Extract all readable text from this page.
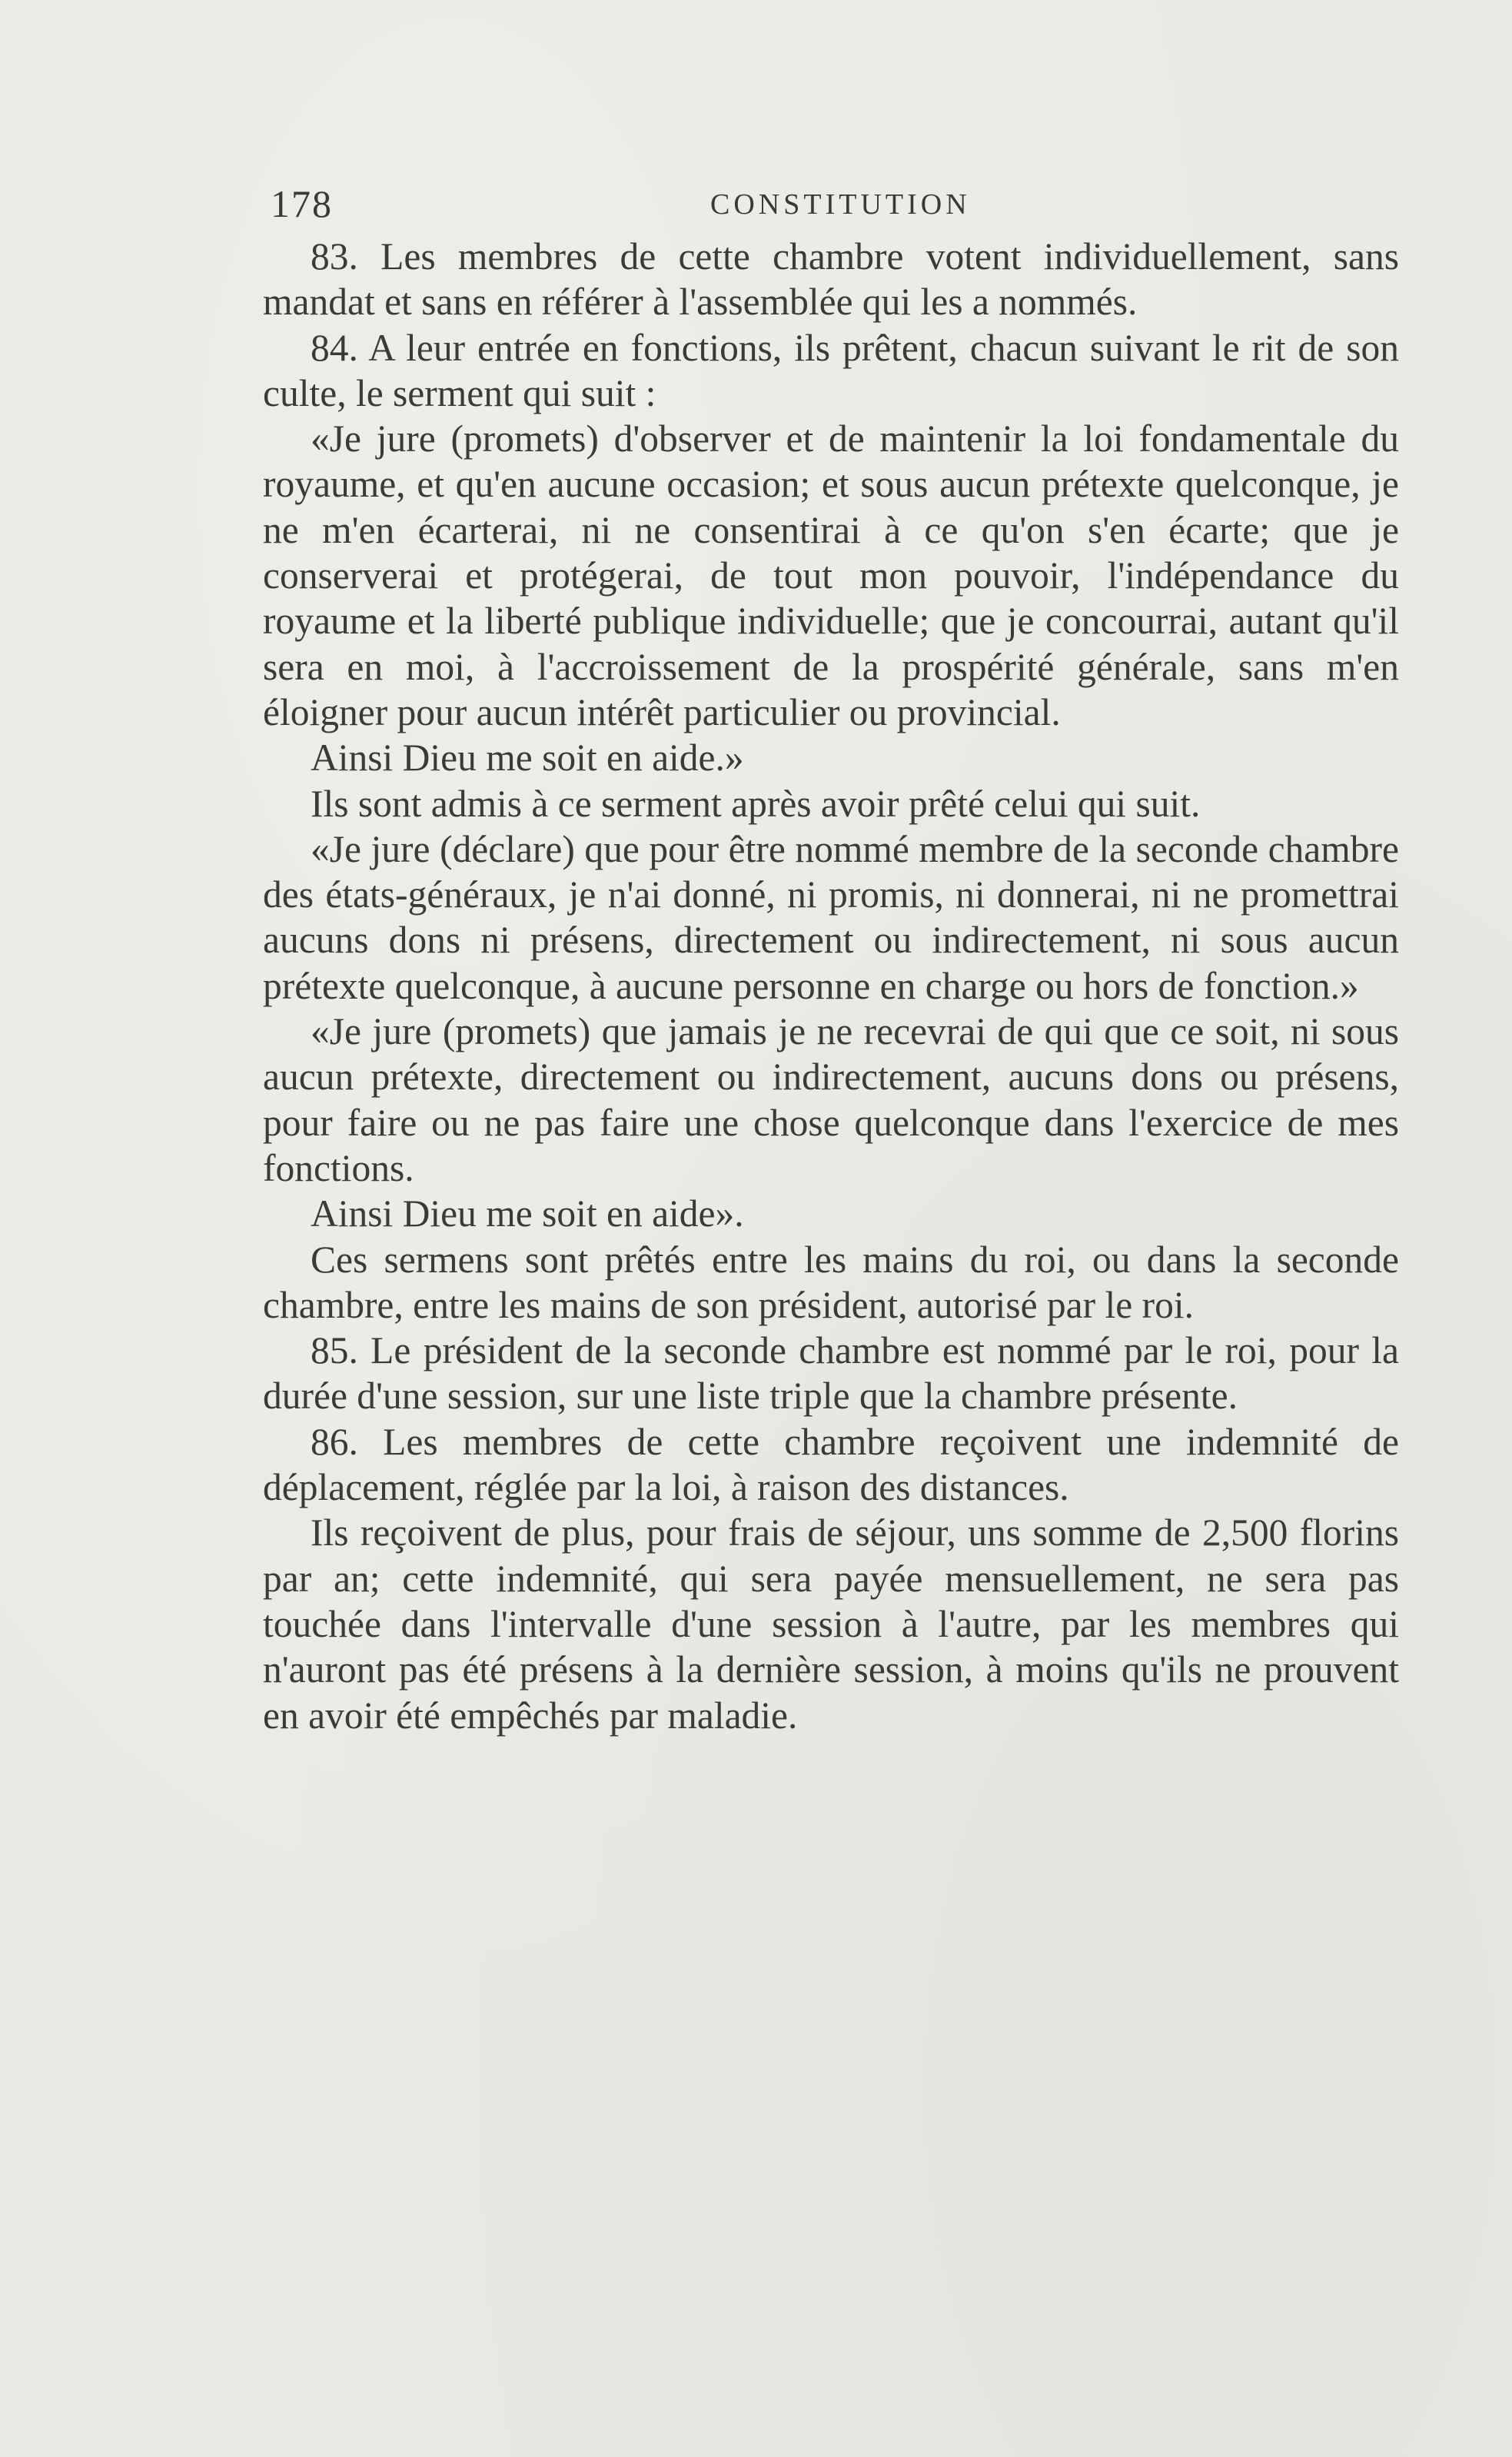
178	CONSTITUTION

83. Les membres de cette chambre votent individuellement, sans mandat et sans en référer à l'assemblée qui les a nommés.

84. A leur entrée en fonctions, ils prêtent, chacun suivant le rit de son culte, le serment qui suit :

«Je jure (promets) d'observer et de maintenir la loi fondamentale du royaume, et qu'en aucune occasion; et sous aucun prétexte quelconque, je ne m'en écarterai, ni ne consentirai à ce qu'on s'en écarte; que je conserverai et protégerai, de tout mon pouvoir, l'indépendance du royaume et la liberté publique individuelle; que je concourrai, autant qu'il sera en moi, à l'accroissement de la prospérité générale, sans m'en éloigner pour aucun intérêt particulier ou provincial.

Ainsi Dieu me soit en aide.»

Ils sont admis à ce serment après avoir prêté celui qui suit.

«Je jure (déclare) que pour être nommé membre de la seconde chambre des états-généraux, je n'ai donné, ni promis, ni donnerai, ni ne promettrai aucuns dons ni présens, directement ou indirectement, ni sous aucun prétexte quelconque, à aucune personne en charge ou hors de fonction.»

«Je jure (promets) que jamais je ne recevrai de qui que ce soit, ni sous aucun prétexte, directement ou indirectement, aucuns dons ou présens, pour faire ou ne pas faire une chose quelconque dans l'exercice de mes fonctions.

Ainsi Dieu me soit en aide».

Ces sermens sont prêtés entre les mains du roi, ou dans la seconde chambre, entre les mains de son président, autorisé par le roi.

85. Le président de la seconde chambre est nommé par le roi, pour la durée d'une session, sur une liste triple que la chambre présente.

86. Les membres de cette chambre reçoivent une indemnité de déplacement, réglée par la loi, à raison des distances.

Ils reçoivent de plus, pour frais de séjour, uns somme de 2,500 florins par an; cette indemnité, qui sera payée mensuellement, ne sera pas touchée dans l'intervalle d'une session à l'autre, par les membres qui n'auront pas été présens à la dernière session, à moins qu'ils ne prouvent en avoir été empêchés par maladie.
